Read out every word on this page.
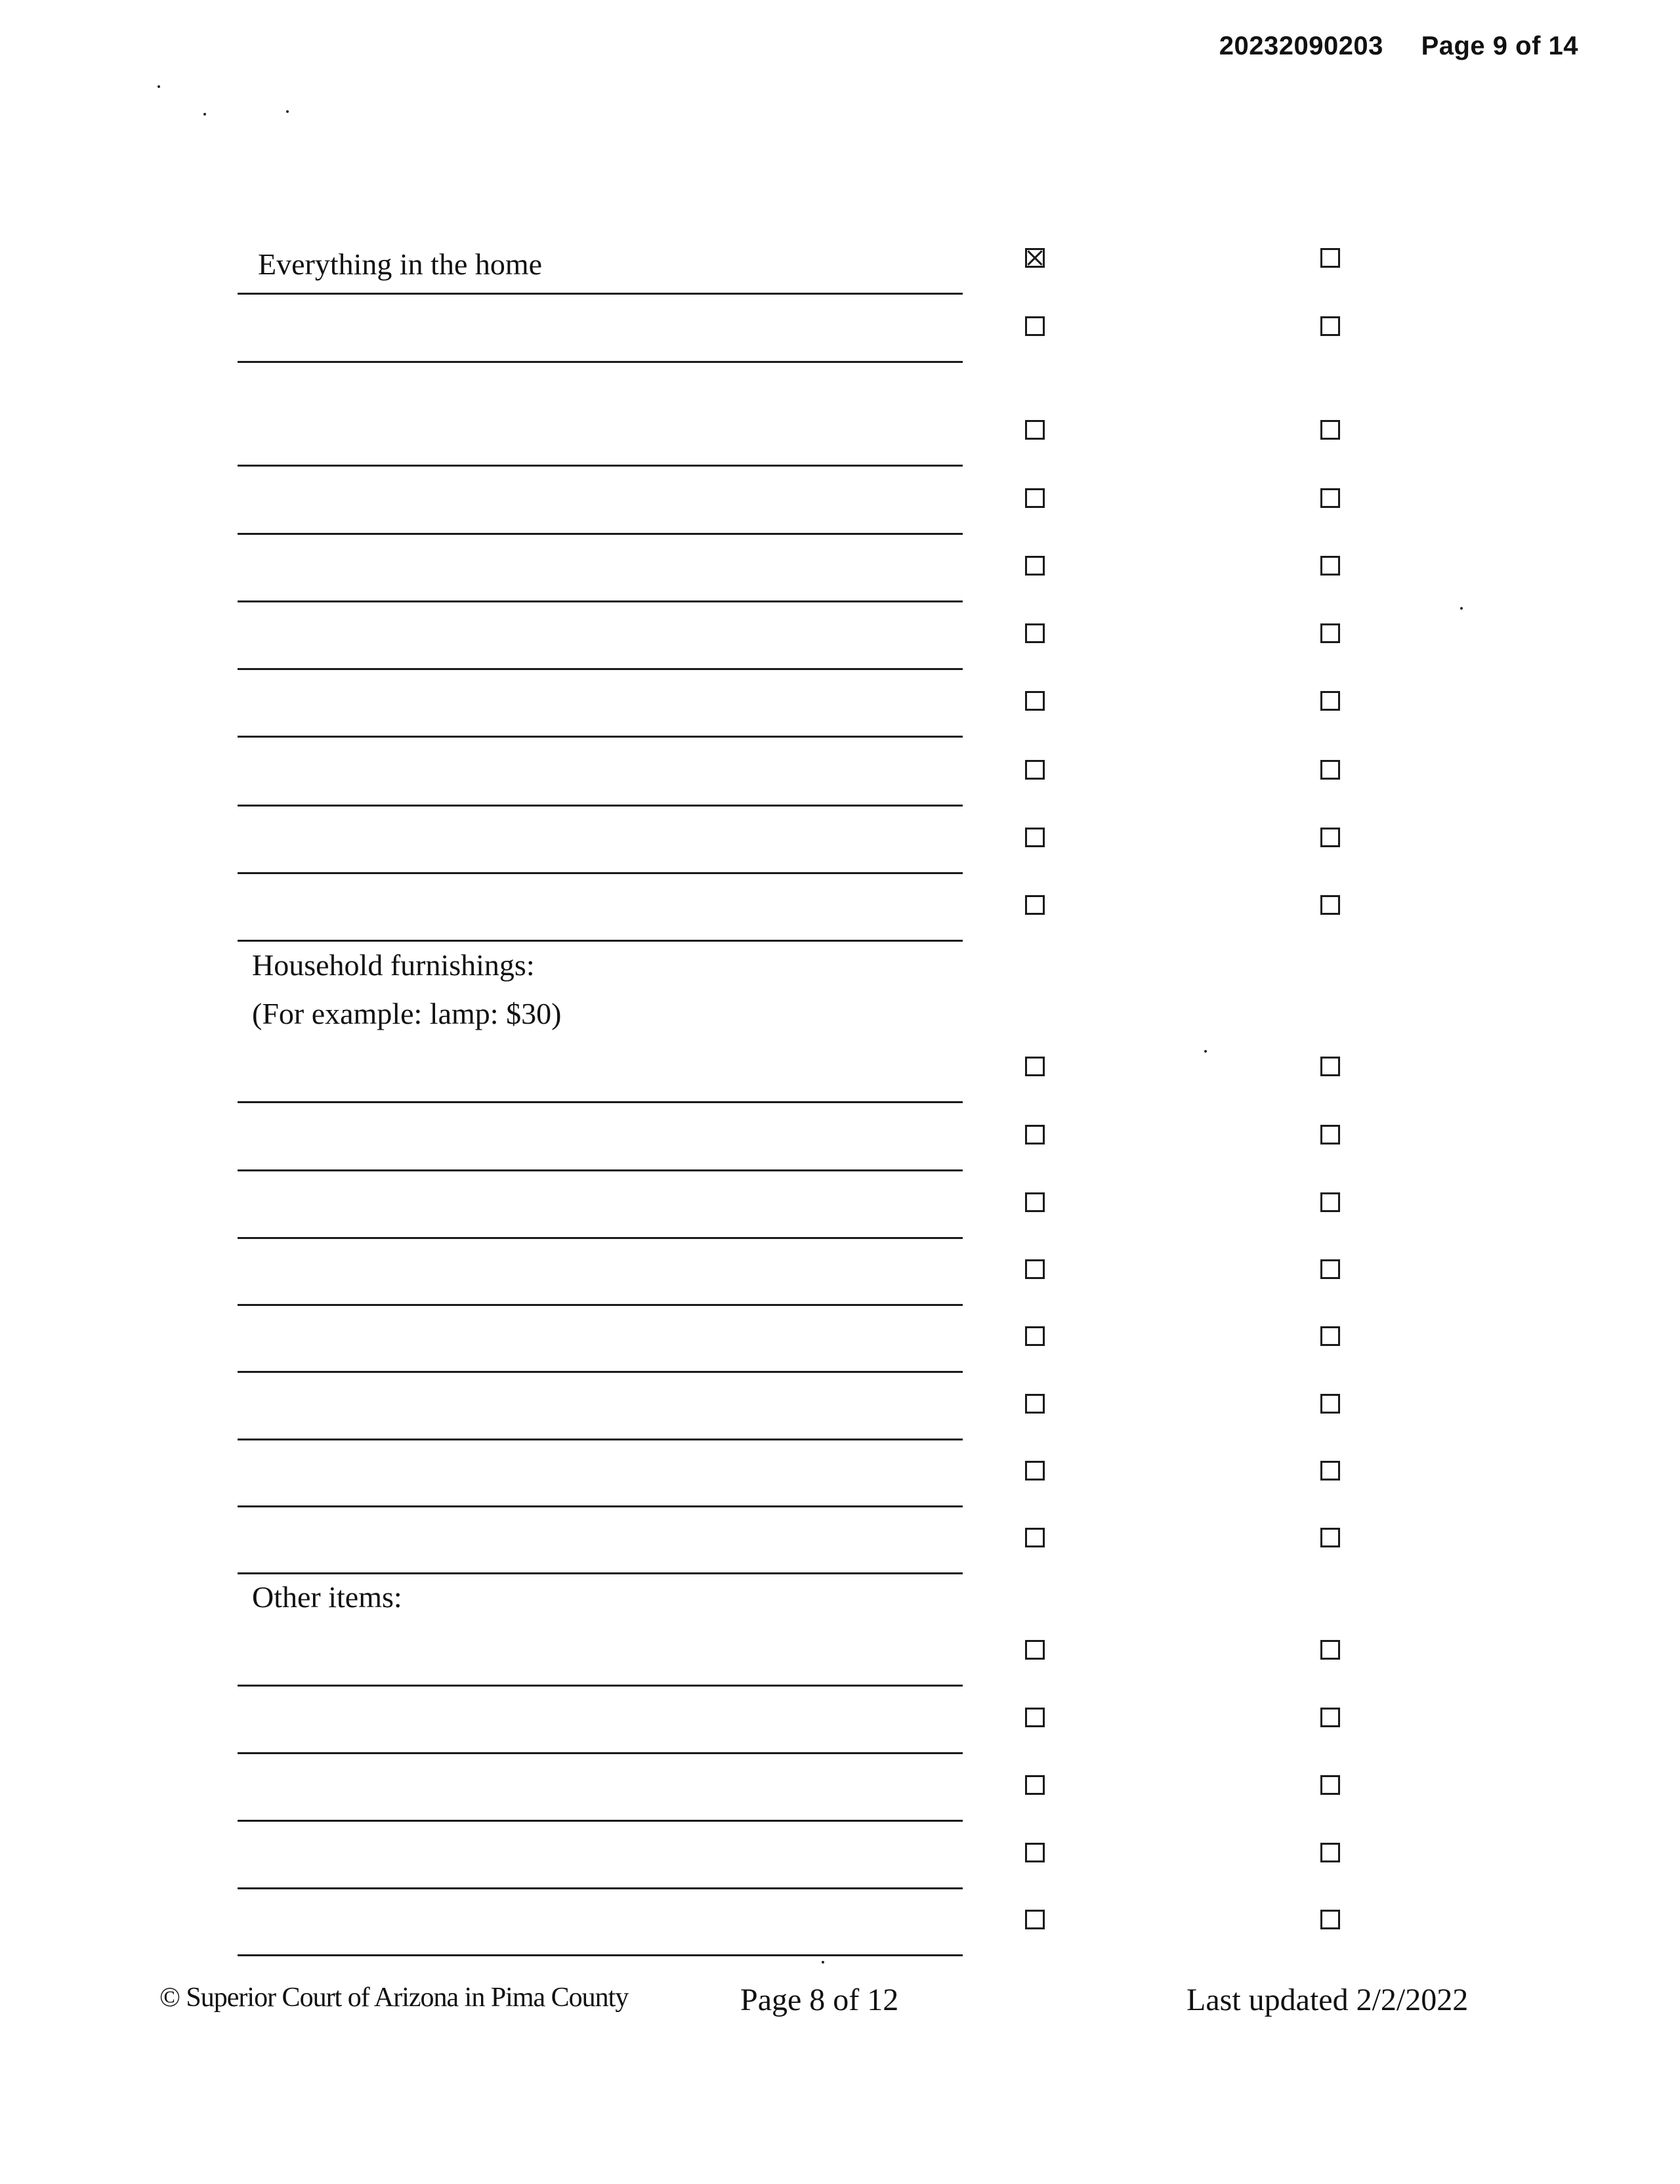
20232090203 Page 9 of 14
Everything in the home
Household furnishings:
(For example: lamp: $30)
Other items:
© Superior Court of Arizona in Pima County	Page 8 of 12	Last updated 2/2/2022
